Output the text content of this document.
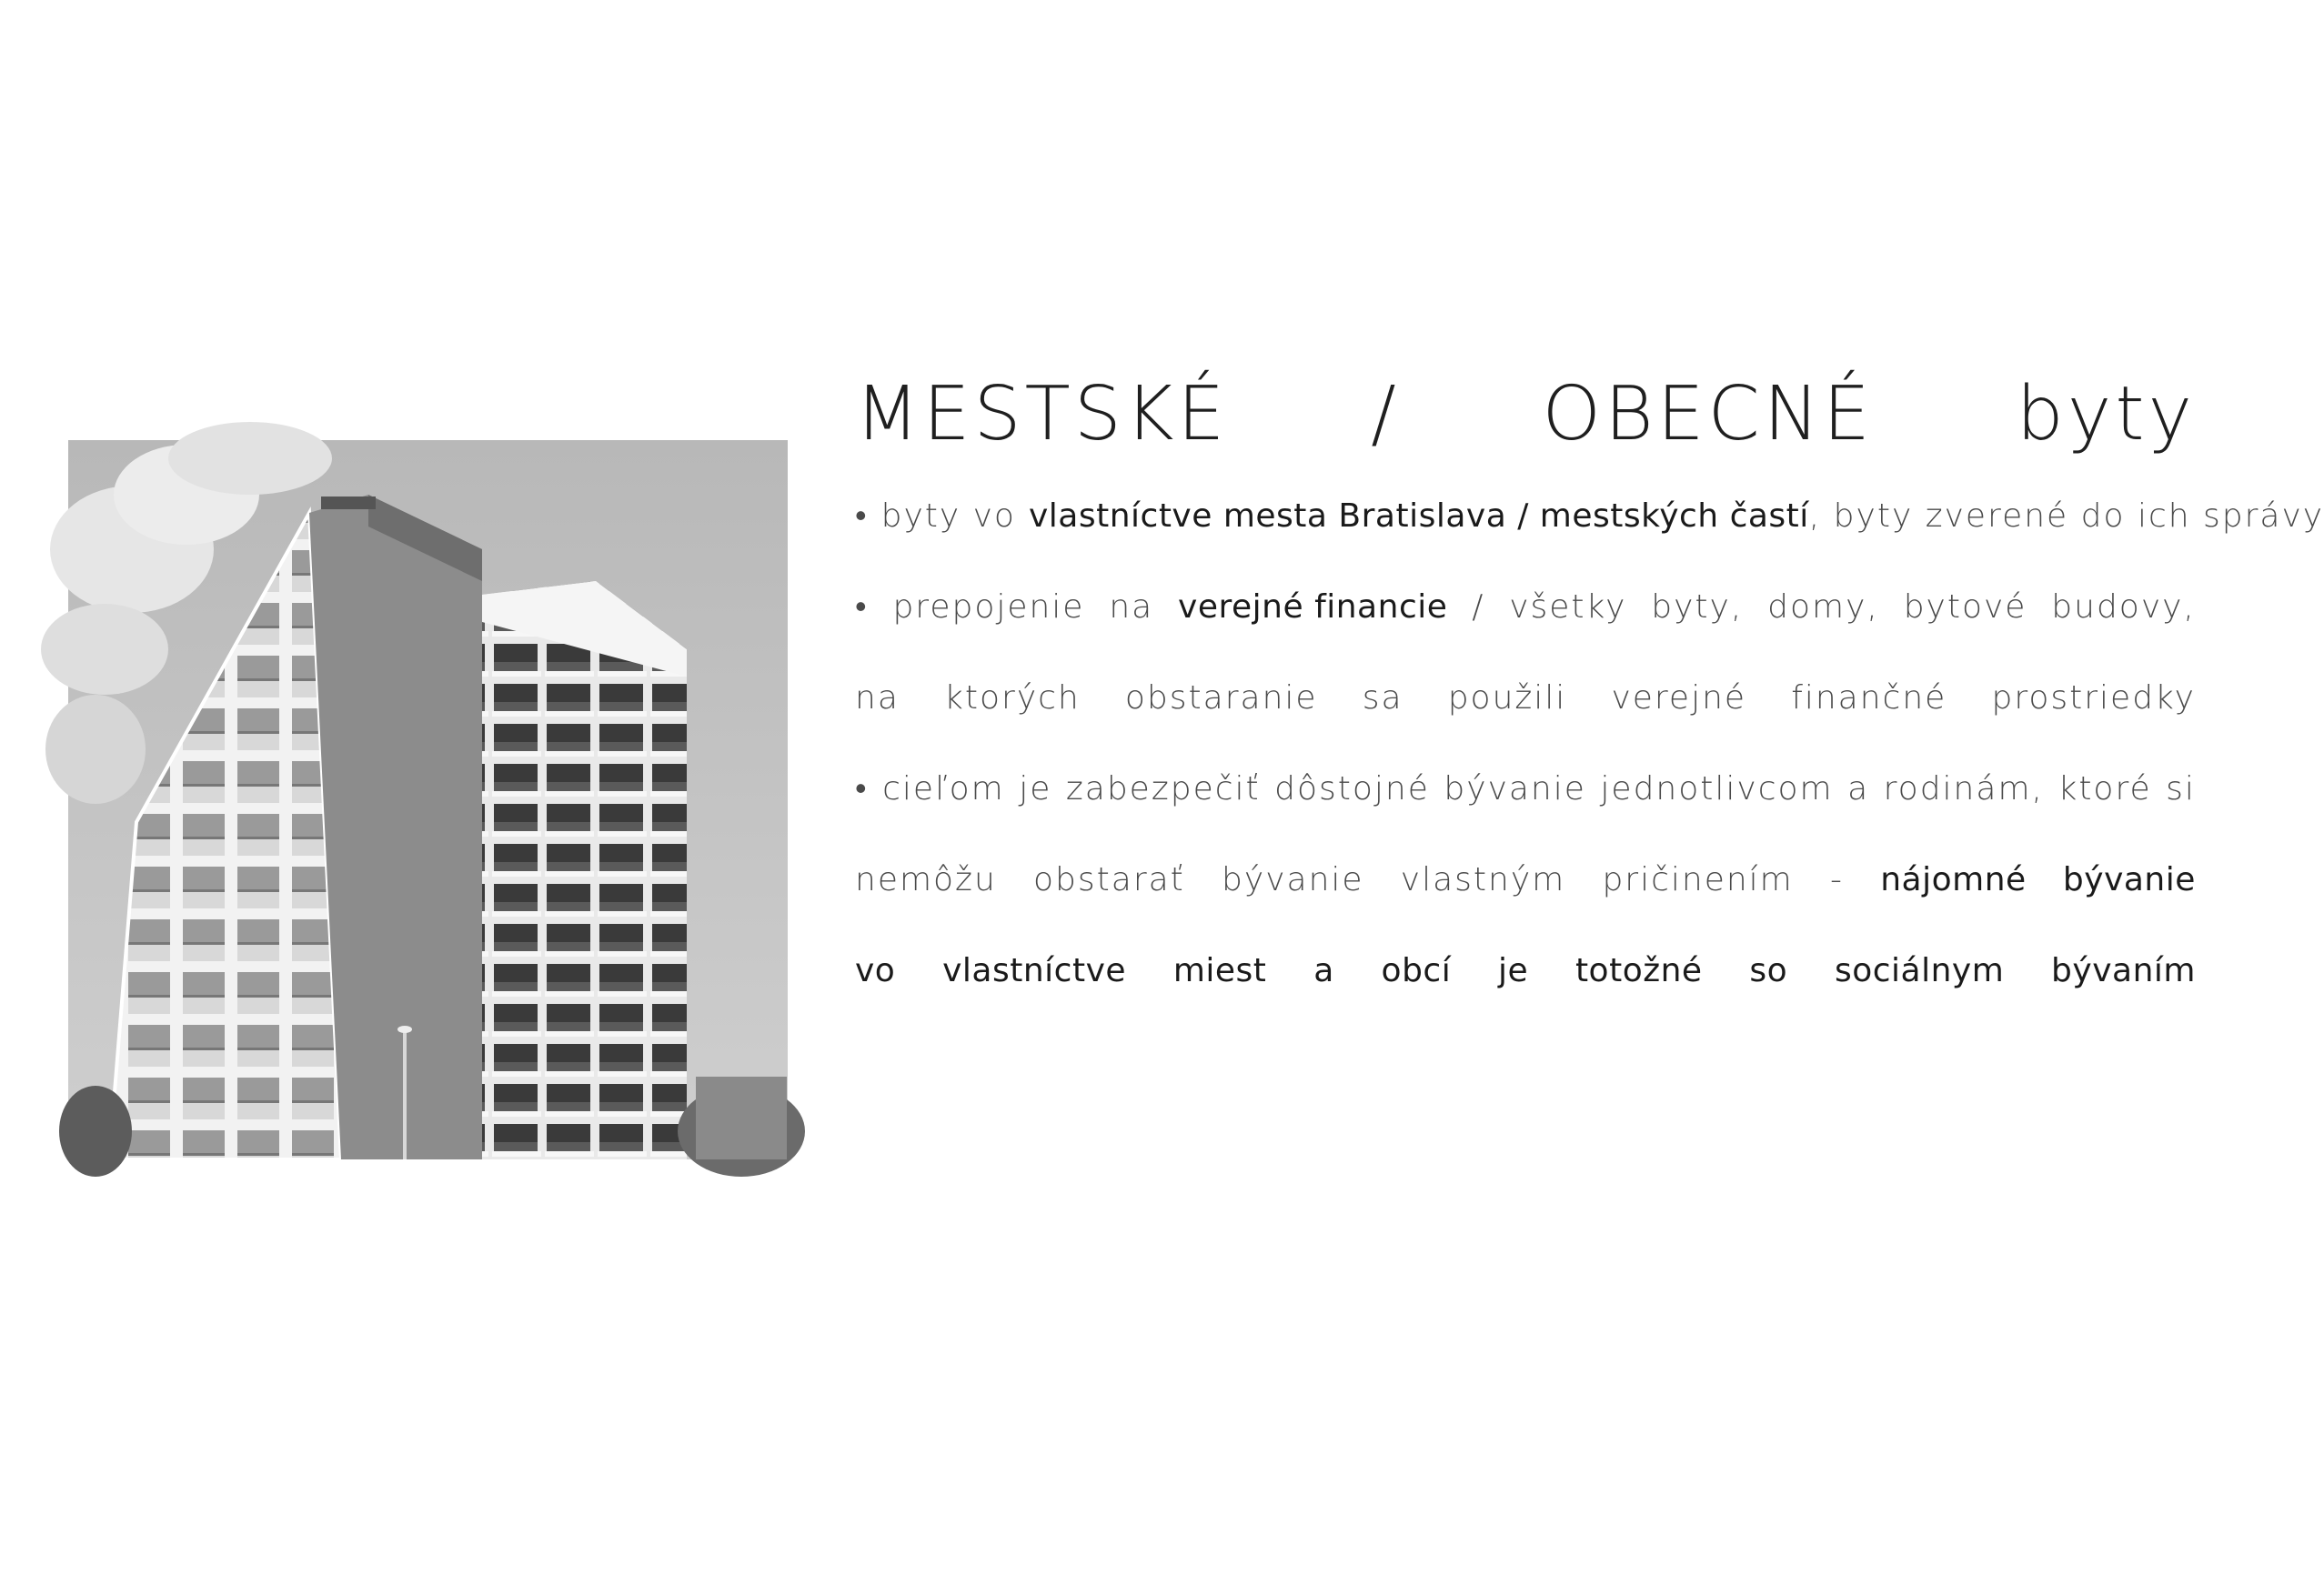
MESTSKÉ / OBECNÉ byty
• byty vo vlastníctve mesta Bratislava / mestských častí, byty zverené do ich správy
• prepojenie na verejné financie / všetky byty, domy, bytové budovy,
na ktorých obstaranie sa použili verejné finančné prostriedky
• cieľom je zabezpečiť dôstojné bývanie jednotlivcom a rodinám, ktoré si
nemôžu obstarať bývanie vlastným pričinením - nájomné bývanie
vo vlastníctve miest a obcí je totožné so sociálnym bývaním
